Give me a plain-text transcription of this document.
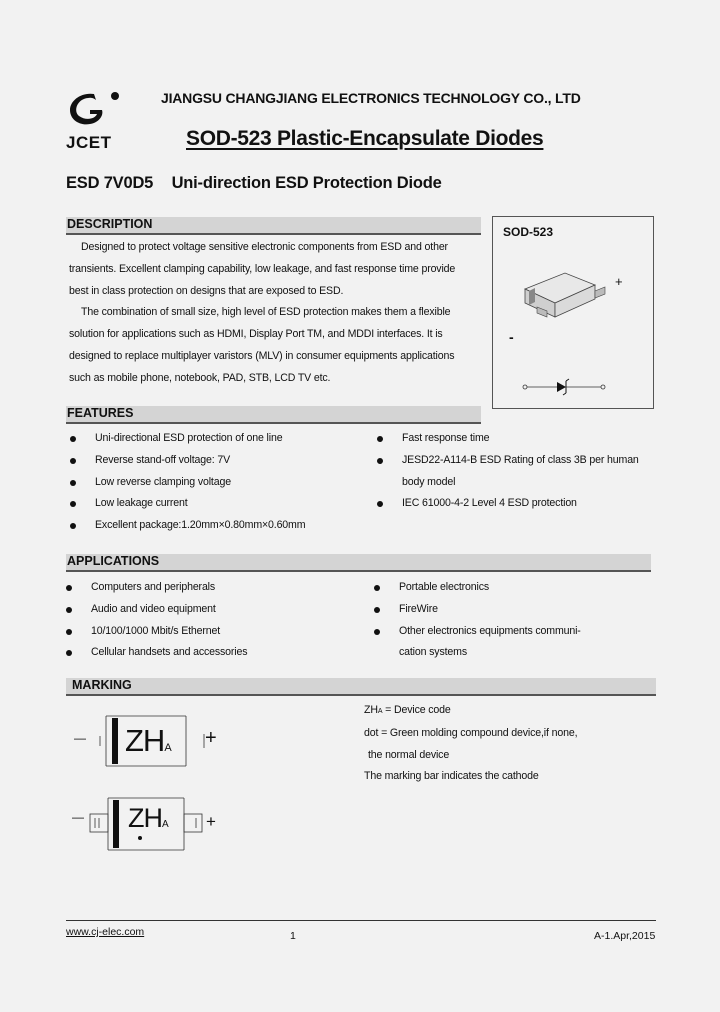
JCET
JIANGSU CHANGJIANG ELECTRONICS TECHNOLOGY CO., LTD
SOD-523 Plastic-Encapsulate Diodes
ESD 7V0D5 Uni-direction ESD Protection Diode
DESCRIPTION
Designed to protect voltage sensitive electronic components from ESD and other
transients. Excellent clamping capability, low leakage, and fast response time provide
best in class protection on designs that are exposed to ESD.
The combination of small size, high level of ESD protection makes them a flexible
solution for applications such as HDMI, Display Port TM, and MDDI interfaces. It is
designed to replace multiplayer varistors (MLV) in consumer equipments applications
such as mobile phone, notebook, PAD, STB, LCD TV etc.
SOD-523
+
-
FEATURES
Uni-directional ESD protection of one line
Reverse stand-off voltage: 7V
Low reverse clamping voltage
Low leakage current
Excellent package:1.20mm×0.80mm×0.60mm
Fast response time
JESD22-A114-B ESD Rating of class 3B per human
body model
IEC 61000-4-2 Level 4 ESD protection
APPLICATIONS
Computers and peripherals
Audio and video equipment
10/100/1000 Mbit/s Ethernet
Cellular handsets and accessories
Portable electronics
FireWire
Other electronics equipments communi-
cation systems
MARKING
— ZHA +
— ZHA +
ZHA = Device code
dot = Green molding compound device,if none,
the normal device
The marking bar indicates the cathode
www.cj-elec.com	1	A-1.Apr,2015
